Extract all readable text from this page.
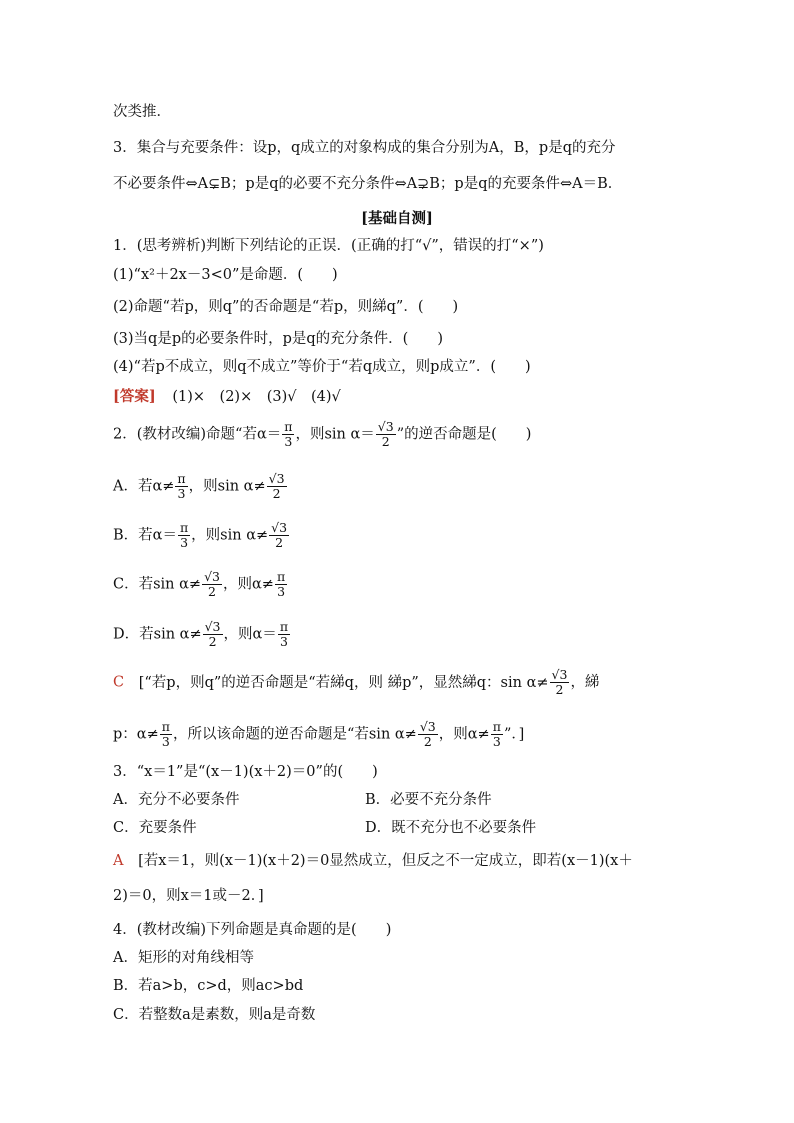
次类推．
3．集合与充要条件：设p，q成立的对象构成的集合分别为A，B，p是q的充分
不必要条件⇔A⊊B；p是q的必要不充分条件⇔A⊋B；p是q的充要条件⇔A＝B．
[基础自测]
1．(思考辨析)判断下列结论的正误．(正确的打“√”，错误的打“×”)
(1)“x²＋2x－3<0”是命题．(　　)
(2)命题“若p，则q”的否命题是“若p，则綈q”．(　　)
(3)当q是p的必要条件时，p是q的充分条件．(　　)
(4)“若p不成立，则q不成立”等价于“若q成立，则p成立”．(　　)
[答案] (1)×　(2)×　(3)√　(4)√
2．(教材改编)命题“若$\alpha= \frac{\pi}{3}$ ，则$\sin \alpha= \frac{√3}{2}$ ”的逆否命题是(　　)
A．若$\alpha\ne \frac{\pi}{3}$ ，则$\sin \alpha\ne \frac{√3}{2}$
B．若$\alpha= \frac{\pi}{3}$ ，则$\sin \alpha\ne \frac{√3}{2}$
C．若$\sin \alpha\ne \frac{√3}{2}$ ，则$\alpha\ne \frac{\pi}{3}$
D．若$\sin \alpha\ne \frac{√3}{2}$ ，则$\alpha= \frac{\pi}{3}$
C [“若p，则q”的逆否命题是“若綈q，则 綈p”，显然綈q：$\sin \alpha\ne \frac{√3}{2}$ ，綈
p：$\alpha\ne \frac{\pi}{3}$ ，所以该命题的逆否命题是“若$\sin \alpha\ne \frac{√3}{2}$ ，则$\alpha\ne \frac{\pi}{3}$ ”．]
3．“x＝1”是“(x－1)(x＋2)＝0”的(　　)
A．充分不必要条件	B．必要不充分条件
C．充要条件	D．既不充分也不必要条件
A [若x＝1，则(x－1)(x＋2)＝0显然成立，但反之不一定成立，即若(x－1)(x＋
2)＝0，则x＝1或－2．]
4．(教材改编)下列命题是真命题的是(　　)
A．矩形的对角线相等
B．若a>b，c>d，则ac>bd
C．若整数a是素数，则a是奇数
